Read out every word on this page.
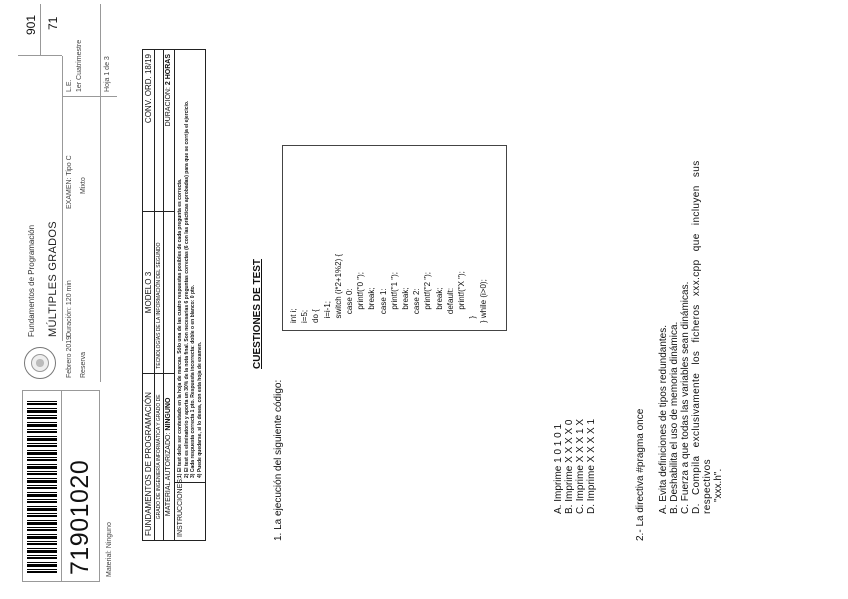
71901020 Material: Ninguno
Fundamentos de Programación MÚLTIPLES GRADOS
Febrero 2019 Reserva
Duración: 120 min
EXAMEN: Tipo C Mixto
L.E. 1er Cuatrimestre	Hoja 1 de 3
901 71
FUNDAMENTOS DE PROGRAMACIÓN
MODELO 3
CONV. ORD. 18/19
GRADO DE INGENIERÍA INFORMÁTICA Y GRADO DE
TECNOLOGÍAS DE LA INFORMACIÓN DEL SEGUNDO
MATERIAL AUTORIZADO: NINGUNO
DURACIÓN: 2 HORAS
INSTRUCCIONES:
1) El test debe ser contestado en la hoja de marcas. Sólo una de las cuatro respuestas posibles de cada pregunta es correcta. 2) El test es eliminatorio y aporta un 30% de la nota final. Son necesarias 6 preguntas correctas (6 con las prácticas aprobadas) para que se corrija el ejercicio. 3) Cada respuesta correcta 1 pto. Respuesta incorrecta: doble o en blanco: 0 pto. 4) Puede quedarse, si lo desea, con esta hoja de examen.
CUESTIONES DE TEST
1. La ejecución del siguiente código:
int i;
i=5;
do {
i=i-1;
switch (i*2+1%2) {
case 0:
printf("0 ");
break;
case 1:
printf("1 ");
break;
case 2:
printf("2 ");
break;
default:
printf("X ");
}
} while (i>0);

A. Imprime 1 0 1 0 1 B. Imprime X X X X 0 C. Imprime X X X 1 X D. Imprime X X X X 1	2.- La directiva #pragma once A. Evita definiciones de tipos redundantes. B. Deshabilita el uso de memoria dinámica. C. Fuerza a que todas las variables sean dinámicas. D. Compila exclusivamente los ficheros xxx.cpp que incluyen sus respectivos "xxx.h".
